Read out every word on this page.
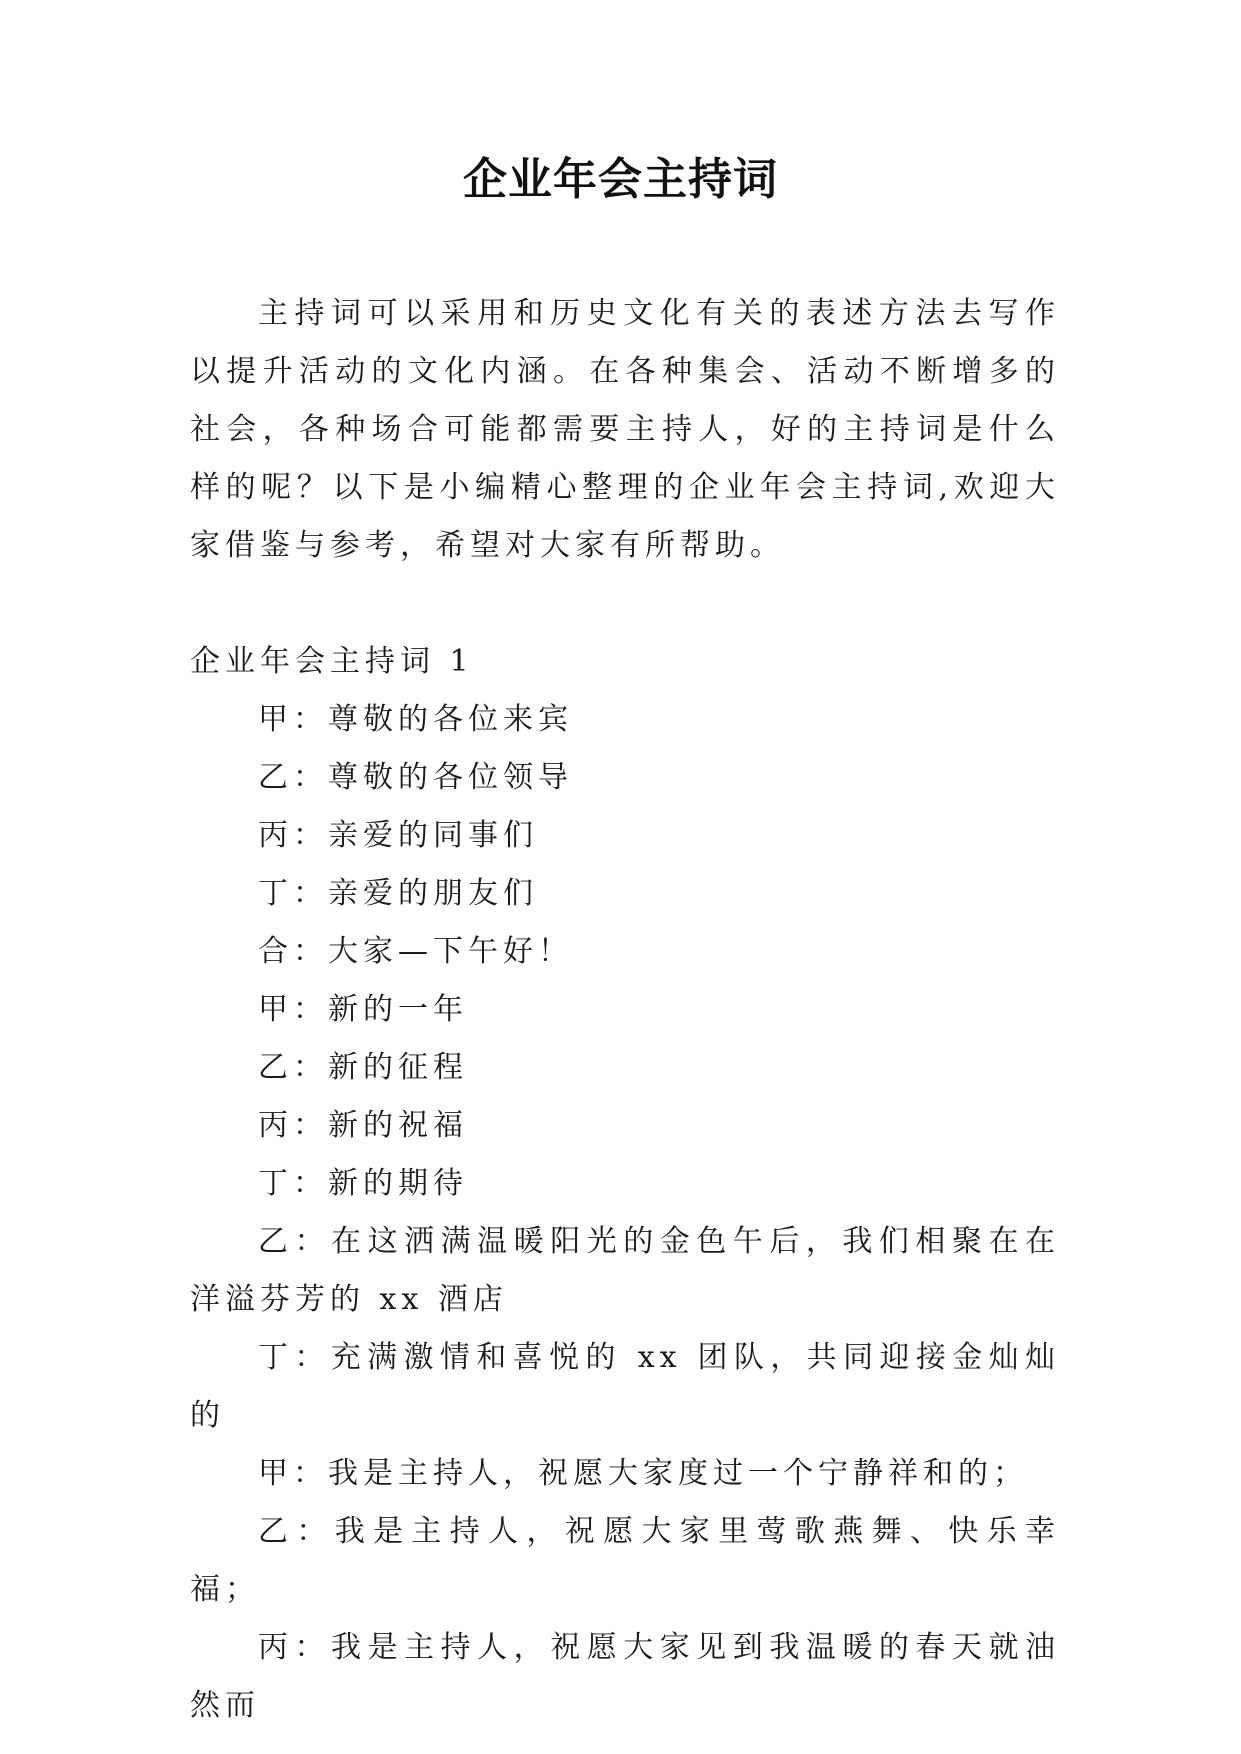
企业年会主持词

主持词可以采用和历史文化有关的表述方法去写作以提升活动的文化内涵。在各种集会、活动不断增多的社会，各种场合可能都需要主持人，好的主持词是什么样的呢？以下是小编精心整理的企业年会主持词,欢迎大家借鉴与参考，希望对大家有所帮助。

企业年会主持词 1

甲：尊敬的各位来宾
乙：尊敬的各位领导
丙：亲爱的同事们
丁：亲爱的朋友们
合：大家—下午好！
甲：新的一年
乙：新的征程
丙：新的祝福
丁：新的期待
乙：在这洒满温暖阳光的金色午后，我们相聚在在洋溢芬芳的 xx 酒店
丁：充满激情和喜悦的 xx 团队，共同迎接金灿灿的
甲：我是主持人，祝愿大家度过一个宁静祥和的；
乙：我是主持人，祝愿大家里莺歌燕舞、快乐幸福；
丙：我是主持人，祝愿大家见到我温暖的春天就油然而
